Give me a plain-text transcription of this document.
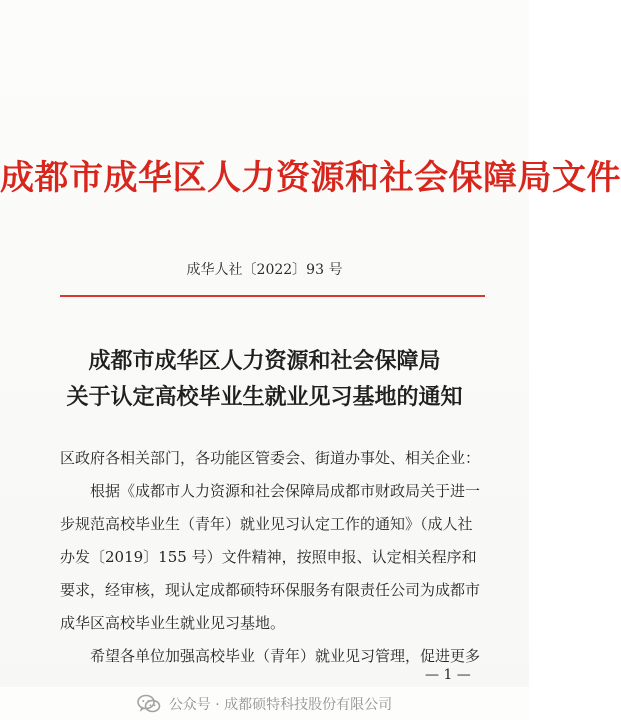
成都市成华区人力资源和社会保障局文件
成华人社〔2022〕93 号
成都市成华区人力资源和社会保障局
关于认定高校毕业生就业见习基地的通知

区政府各相关部门，各功能区管委会、街道办事处、相关企业：

根据《成都市人力资源和社会保障局成都市财政局关于进一步规范高校毕业生（青年）就业见习认定工作的通知》（成人社办发〔2019〕155 号）文件精神，按照申报、认定相关程序和要求，经审核，现认定成都硕特环保服务有限责任公司为成都市成华区高校毕业生就业见习基地。

希望各单位加强高校毕业（青年）就业见习管理，促进更多

— 1 —
公众号 · 成都硕特科技股份有限公司
